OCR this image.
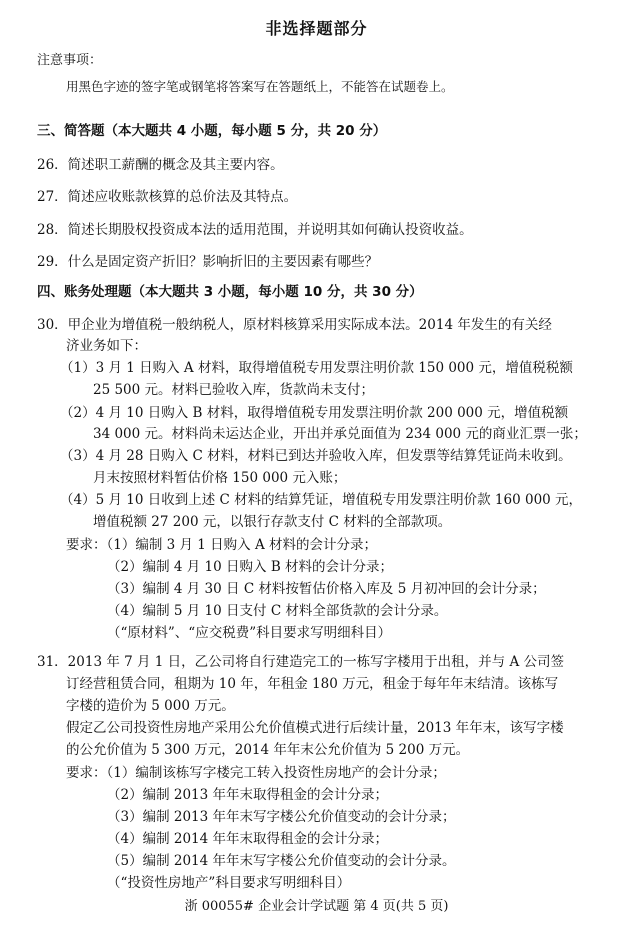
非选择题部分
注意事项：
用黑色字迹的签字笔或钢笔将答案写在答题纸上，不能答在试题卷上。
三、简答题（本大题共 4 小题，每小题 5 分，共 20 分）
26．简述职工薪酬的概念及其主要内容。
27．简述应收账款核算的总价法及其特点。
28．简述长期股权投资成本法的适用范围，并说明其如何确认投资收益。
29．什么是固定资产折旧？影响折旧的主要因素有哪些？
四、账务处理题（本大题共 3 小题，每小题 10 分，共 30 分）
30．甲企业为增值税一般纳税人，原材料核算采用实际成本法。2014 年发生的有关经
济业务如下：
（1）3 月 1 日购入 A 材料，取得增值税专用发票注明价款 150 000 元，增值税税额
25 500 元。材料已验收入库，货款尚未支付；
（2）4 月 10 日购入 B 材料，取得增值税专用发票注明价款 200 000 元，增值税额
34 000 元。材料尚未运达企业，开出并承兑面值为 234 000 元的商业汇票一张；
（3）4 月 28 日购入 C 材料，材料已到达并验收入库，但发票等结算凭证尚未收到。
月末按照材料暂估价格 150 000 元入账；
（4）5 月 10 日收到上述 C 材料的结算凭证，增值税专用发票注明价款 160 000 元，
增值税额 27 200 元，以银行存款支付 C 材料的全部款项。
要求：（1）编制 3 月 1 日购入 A 材料的会计分录；
（2）编制 4 月 10 日购入 B 材料的会计分录；
（3）编制 4 月 30 日 C 材料按暂估价格入库及 5 月初冲回的会计分录；
（4）编制 5 月 10 日支付 C 材料全部货款的会计分录。
（“原材料”、“应交税费”科目要求写明细科目）
31．2013 年 7 月 1 日，乙公司将自行建造完工的一栋写字楼用于出租，并与 A 公司签
订经营租赁合同，租期为 10 年，年租金 180 万元，租金于每年年末结清。该栋写
字楼的造价为 5 000 万元。
假定乙公司投资性房地产采用公允价值模式进行后续计量，2013 年年末，该写字楼
的公允价值为 5 300 万元，2014 年年末公允价值为 5 200 万元。
要求：（1）编制该栋写字楼完工转入投资性房地产的会计分录；
（2）编制 2013 年年末取得租金的会计分录；
（3）编制 2013 年年末写字楼公允价值变动的会计分录；
（4）编制 2014 年年末取得租金的会计分录；
（5）编制 2014 年年末写字楼公允价值变动的会计分录。
（“投资性房地产”科目要求写明细科目）
浙 00055# 企业会计学试题 第 4 页(共 5 页)
